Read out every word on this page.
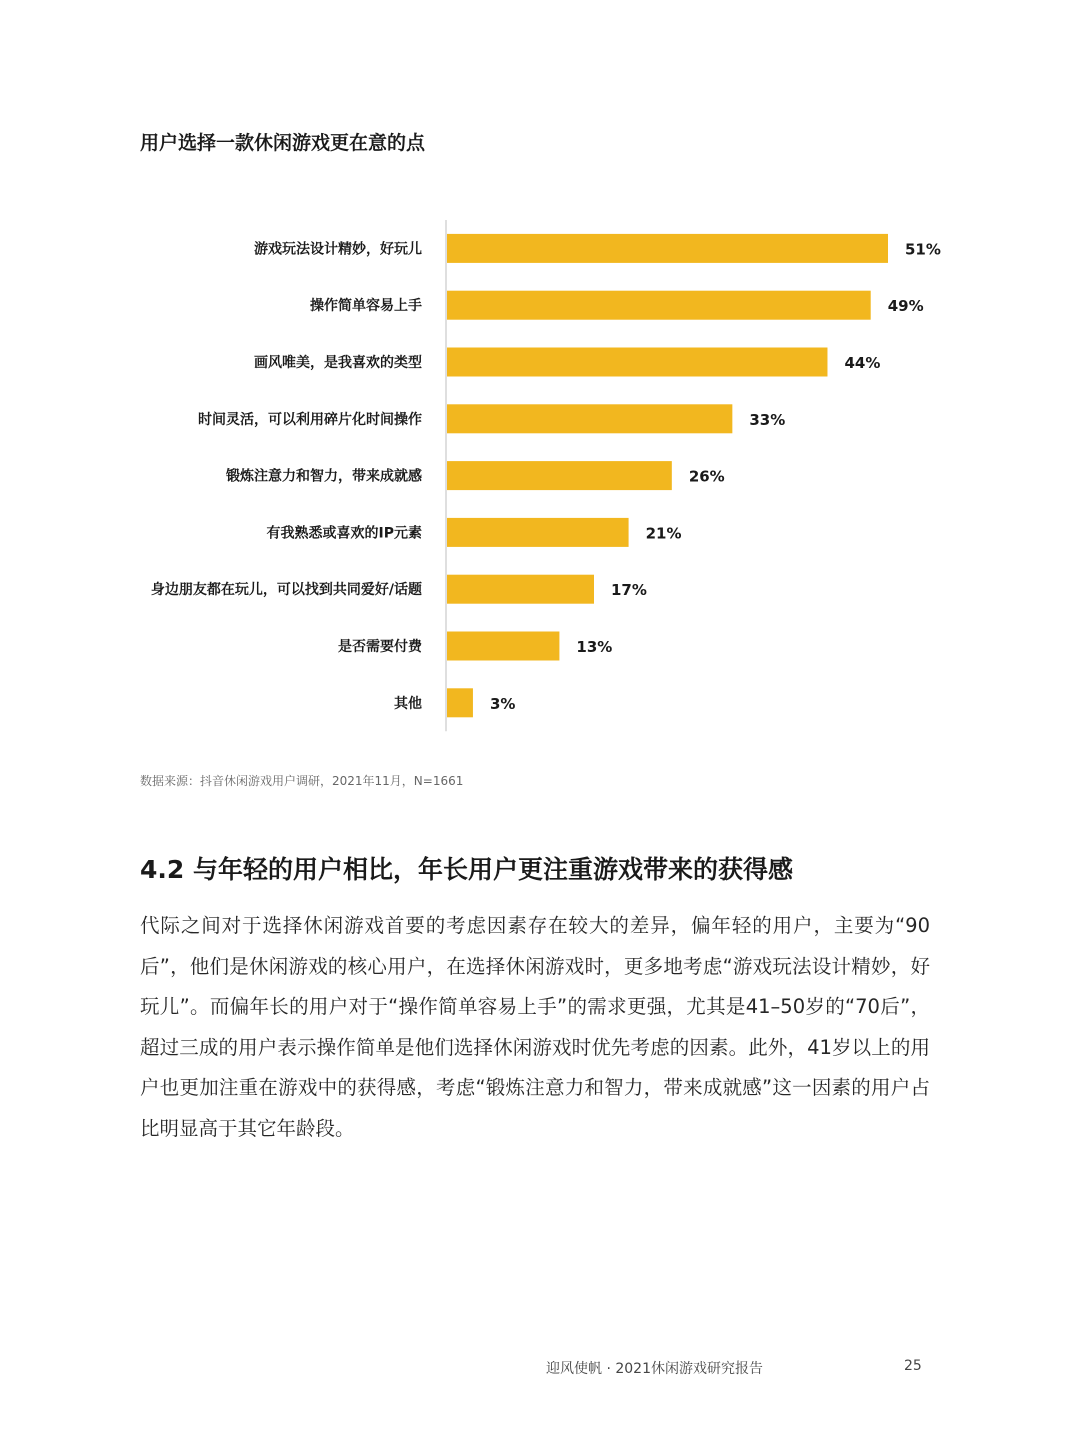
用户选择一款休闲游戏更在意的点
游戏玩法设计精妙，好玩儿	51%
操作简单容易上手	49%
画风唯美，是我喜欢的类型	44%
时间灵活，可以利用碎片化时间操作	33%
锻炼注意力和智力，带来成就感	26%
有我熟悉或喜欢的IP元素	21%
身边朋友都在玩儿，可以找到共同爱好/话题	17%
是否需要付费	13%
其他	3%
数据来源：抖音休闲游戏用户调研，2021年11月，N=1661
4.2 与年轻的用户相比，年长用户更注重游戏带来的获得感
代际之间对于选择休闲游戏首要的考虑因素存在较大的差异，偏年轻的用户，主要为“90后”，他们是休闲游戏的核心用户，在选择休闲游戏时，更多地考虑“游戏玩法设计精妙，好玩儿”。而偏年长的用户对于“操作简单容易上手”的需求更强，尤其是41–50岁的“70后”，超过三成的用户表示操作简单是他们选择休闲游戏时优先考虑的因素。此外，41岁以上的用户也更加注重在游戏中的获得感，考虑“锻炼注意力和智力，带来成就感”这一因素的用户占比明显高于其它年龄段。
迎风使帆 · 2021休闲游戏研究报告	25
